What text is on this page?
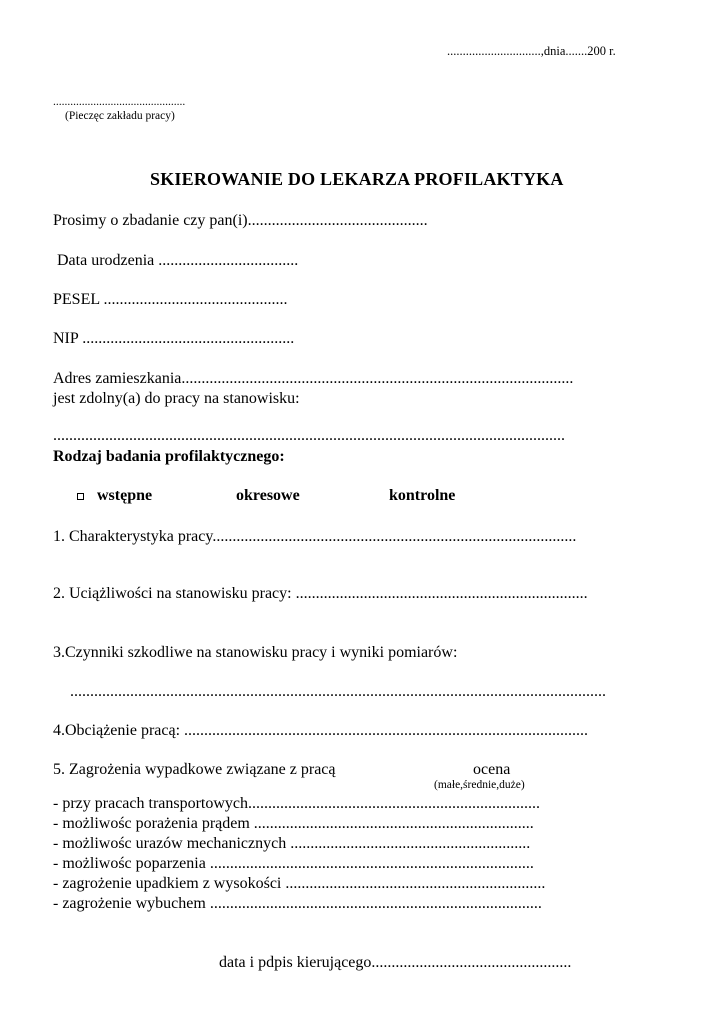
..............................,dnia.......200 r.
..............................................
(Pieczęc zakładu pracy)
SKIEROWANIE DO LEKARZA PROFILAKTYKA
Prosimy o zbadanie czy pan(i).............................................
Data urodzenia ...................................
PESEL ..............................................
NIP .....................................................
Adres zamieszkania..................................................................................................
jest zdolny(a) do pracy na stanowisku:
................................................................................................................................
Rodzaj badania profilaktycznego:
wstępne	okresowe	kontrolne
1. Charakterystyka pracy...........................................................................................
2. Uciążliwości na stanowisku pracy: .........................................................................
3.Czynniki szkodliwe na stanowisku pracy i wyniki pomiarów:
......................................................................................................................................
4.Obciążenie pracą: .....................................................................................................
5. Zagrożenia wypadkowe związane z pracą	ocena
(małe,średnie,duże)
- przy pracach transportowych.........................................................................
- możliwośc porażenia prądem ......................................................................
- możliwośc urazów mechanicznych ............................................................
- możliwośc poparzenia .................................................................................
- zagrożenie upadkiem z wysokości .................................................................
- zagrożenie wybuchem ...................................................................................
data i pdpis kierującego..................................................
